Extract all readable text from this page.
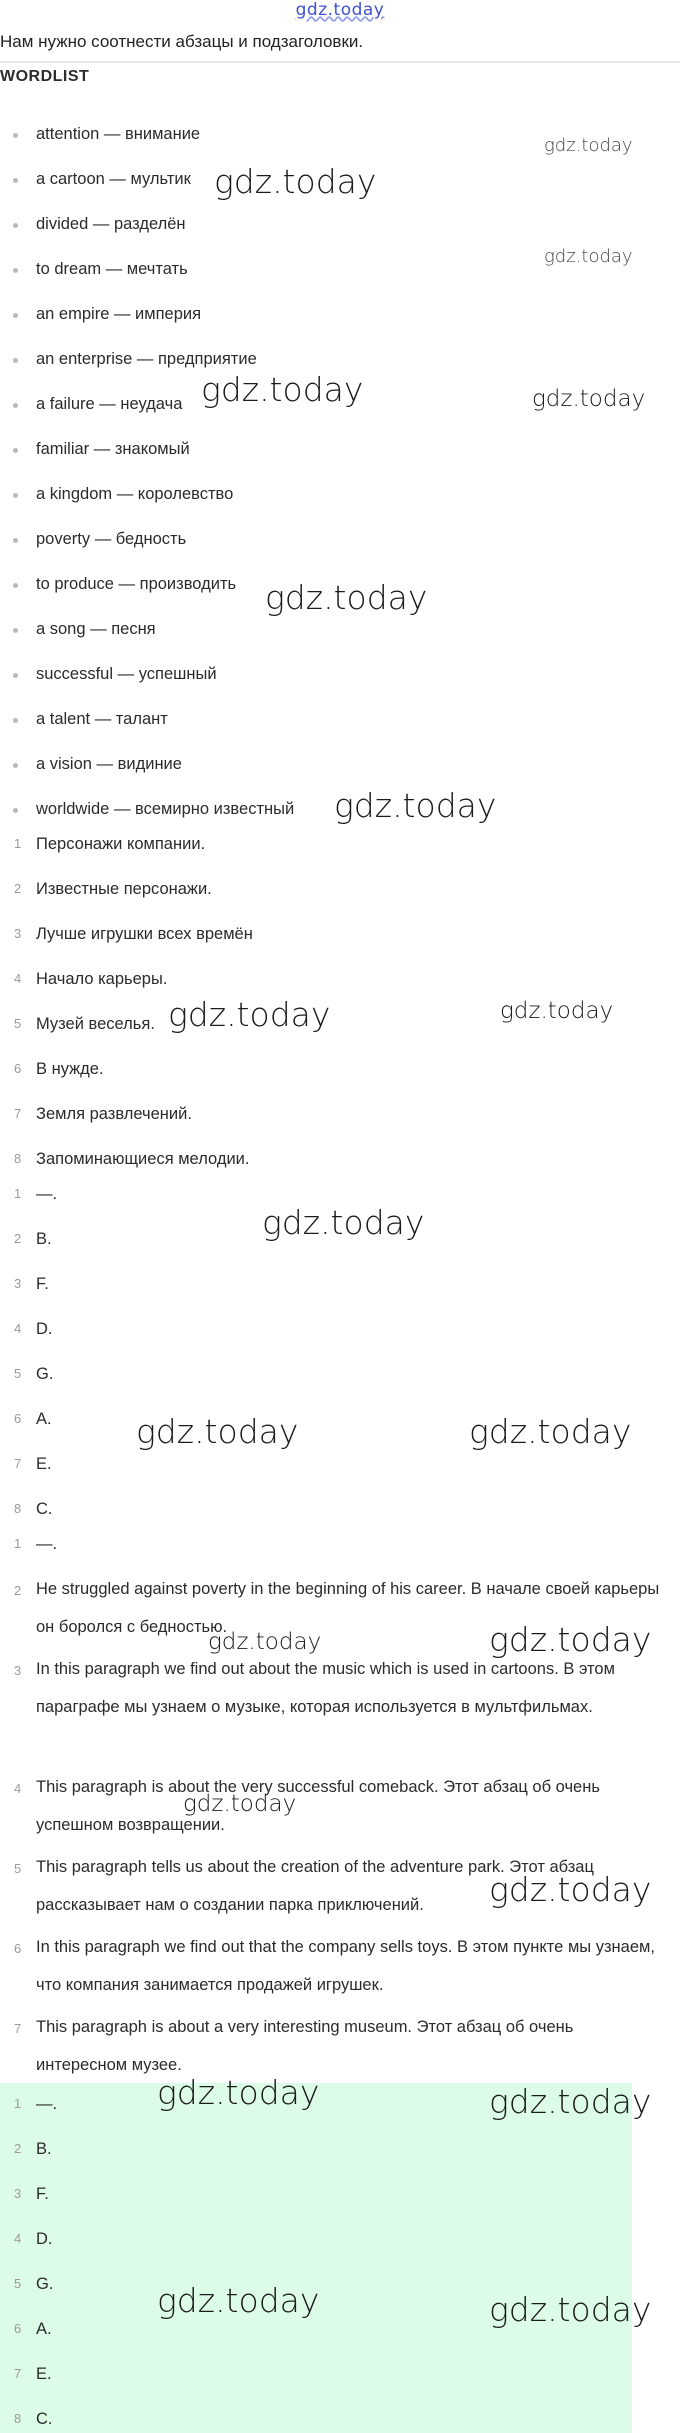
gdz.today
Нам нужно соотнести абзацы и подзаголовки.
WORDLIST
attention — внимание
a cartoon — мультик
divided — разделён
to dream — мечтать
an empire — империя
an enterprise — предприятие
a failure — неудача
familiar — знакомый
a kingdom — королевство
poverty — бедность
to produce — производить
a song — песня
successful — успешный
a talent — талант
a vision — видиние
worldwide — всемирно известный
1 Персонажи компании.
2 Известные персонажи.
3 Лучше игрушки всех времён
4 Начало карьеры.
5 Музей веселья.
6 В нужде.
7 Земля развлечений.
8 Запоминающиеся мелодии.
1 —.
2 B.
3 F.
4 D.
5 G.
6 A.
7 E.
8 C.
1 —.
2 He struggled against poverty in the beginning of his career. В начале своей карьеры он боролся с бедностью.
3 In this paragraph we find out about the music which is used in cartoons. В этом параграфе мы узнаем о музыке, которая используется в мультфильмах.
4 This paragraph is about the very successful comeback. Этот абзац об очень успешном возвращении.
5 This paragraph tells us about the creation of the adventure park. Этот абзац рассказывает нам о создании парка приключений.
6 In this paragraph we find out that the company sells toys. В этом пункте мы узнаем, что компания занимается продажей игрушек.
7 This paragraph is about a very interesting museum. Этот абзац об очень интересном музее.
1 —.
2 B.
3 F.
4 D.
5 G.
6 A.
7 E.
8 C.
gdz.today
gdz.today
gdz.today
gdz.today	gdz.today
gdz.today
gdz.today
gdz.today	gdz.today
gdz.today
gdz.today	gdz.today
gdz.today	gdz.today
gdz.today
gdz.today
gdz.today	gdz.today
gdz.today	gdz.today
